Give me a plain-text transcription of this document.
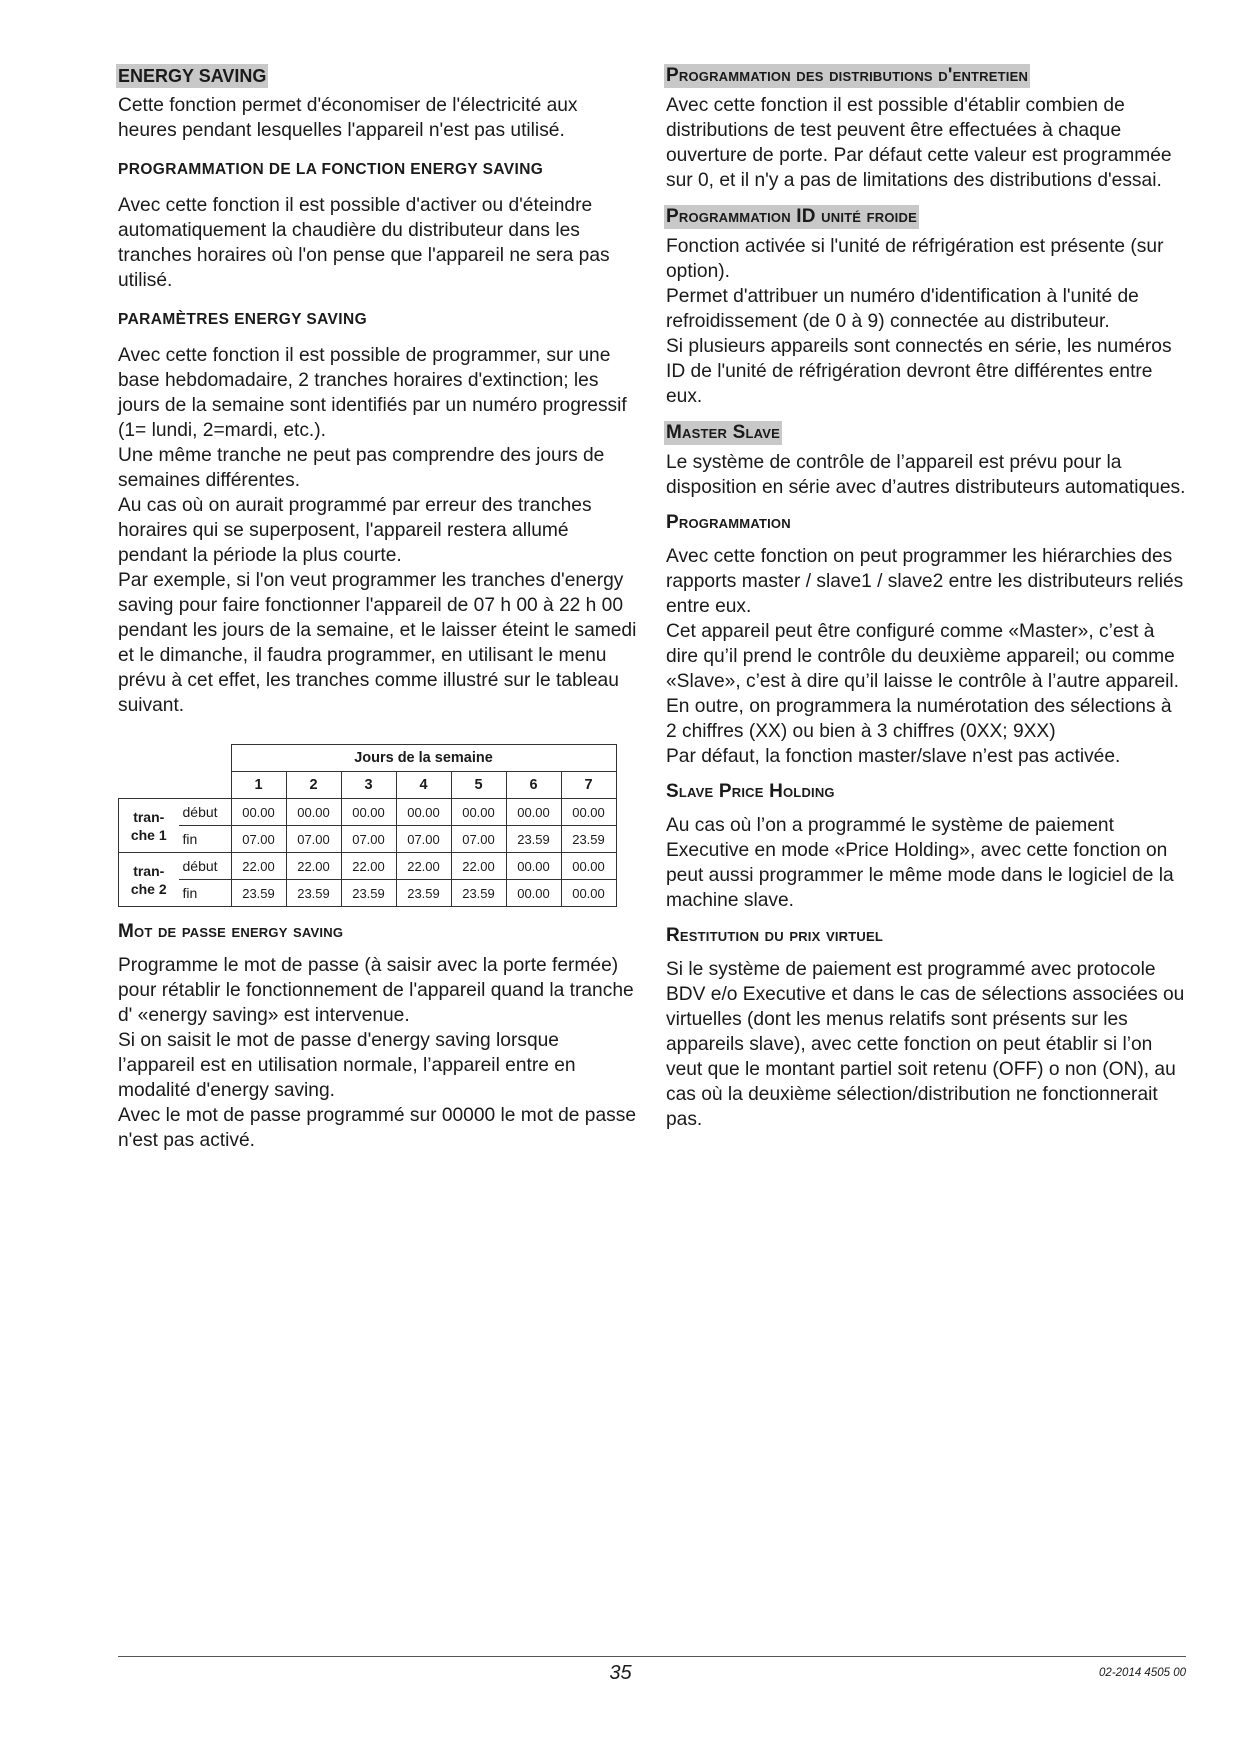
ENERGY SAVING

Cette fonction permet d'économiser de l'électricité aux heures pendant lesquelles l'appareil n'est pas utilisé.

PROGRAMMATION DE LA FONCTION ENERGY SAVING

Avec cette fonction il est possible d'activer ou d'éteindre automatiquement la chaudière du distributeur dans les tranches horaires où l'on pense que l'appareil ne sera pas utilisé.

PARAMÈTRES ENERGY SAVING

Avec cette fonction il est possible de programmer, sur une base hebdomadaire, 2 tranches horaires d'extinction; les jours de la semaine sont identifiés par un numéro progressif (1= lundi, 2=mardi, etc.).

Une même tranche ne peut pas comprendre des jours de semaines différentes.

Au cas où on aurait programmé par erreur des tranches horaires qui se superposent, l'appareil restera allumé pendant la période la plus courte.

Par exemple, si l'on veut programmer les tranches d'energy saving pour faire fonctionner l'appareil de 07 h 00 à 22 h 00 pendant les jours de la semaine, et le laisser éteint le samedi et le dimanche, il faudra programmer, en utilisant le menu prévu à cet effet, les tranches comme illustré sur le tableau suivant.

		Jours de la semaine						
		1	2	3	4	5	6	7
tran-
che 1	début	00.00	00.00	00.00	00.00	00.00	00.00	00.00
	fin	07.00	07.00	07.00	07.00	07.00	23.59	23.59
tran-
che 2	début	22.00	22.00	22.00	22.00	22.00	00.00	00.00
	fin	23.59	23.59	23.59	23.59	23.59	00.00	00.00
Mot de passe energy saving

Programme le mot de passe (à saisir avec la porte fermée) pour rétablir le fonctionnement de l'appareil quand la tranche d' «energy saving» est intervenue.

Si on saisit le mot de passe d'energy saving lorsque l’appareil est en utilisation normale, l’appareil entre en modalité d'energy saving.

Avec le mot de passe programmé sur 00000 le mot de passe n'est pas activé.

Programmation des distributions d'entretien

Avec cette fonction il est possible d'établir combien de distributions de test peuvent être effectuées à chaque ouverture de porte. Par défaut cette valeur est programmée sur 0, et il n'y a pas de limitations des distributions d'essai.

Programmation ID unité froide

Fonction activée si l'unité de réfrigération est présente (sur option).

Permet d'attribuer un numéro d'identification à l'unité de refroidissement (de 0 à 9) connectée au distributeur.

Si plusieurs appareils sont connectés en série, les numéros ID de l'unité de réfrigération devront être différentes entre eux.

Master Slave

Le système de contrôle de l’appareil est prévu pour la disposition en série avec d’autres distributeurs automatiques.

Programmation

Avec cette fonction on peut programmer les hiérarchies des rapports master / slave1 / slave2 entre les distributeurs reliés entre eux.

Cet appareil peut être configuré comme «Master», c’est à dire qu’il prend le contrôle du deuxième appareil; ou comme «Slave», c’est à dire qu’il laisse le contrôle à l’autre appareil.

En outre, on programmera la numérotation des sélections à 2 chiffres (XX) ou bien à 3 chiffres (0XX; 9XX)

Par défaut, la fonction master/slave n’est pas activée.

Slave Price Holding

Au cas où l’on a programmé le système de paiement Executive en mode «Price Holding», avec cette fonction on peut aussi programmer le même mode dans le logiciel de la machine slave.

Restitution du prix virtuel

Si le système de paiement est programmé avec protocole BDV e/o Executive et dans le cas de sélections associées ou virtuelles (dont les menus relatifs sont présents sur les appareils slave), avec cette fonction on peut établir si l’on veut que le montant partiel soit retenu (OFF) o non (ON), au cas où la deuxième sélection/distribution ne fonctionnerait pas.

35	02-2014 4505 00
